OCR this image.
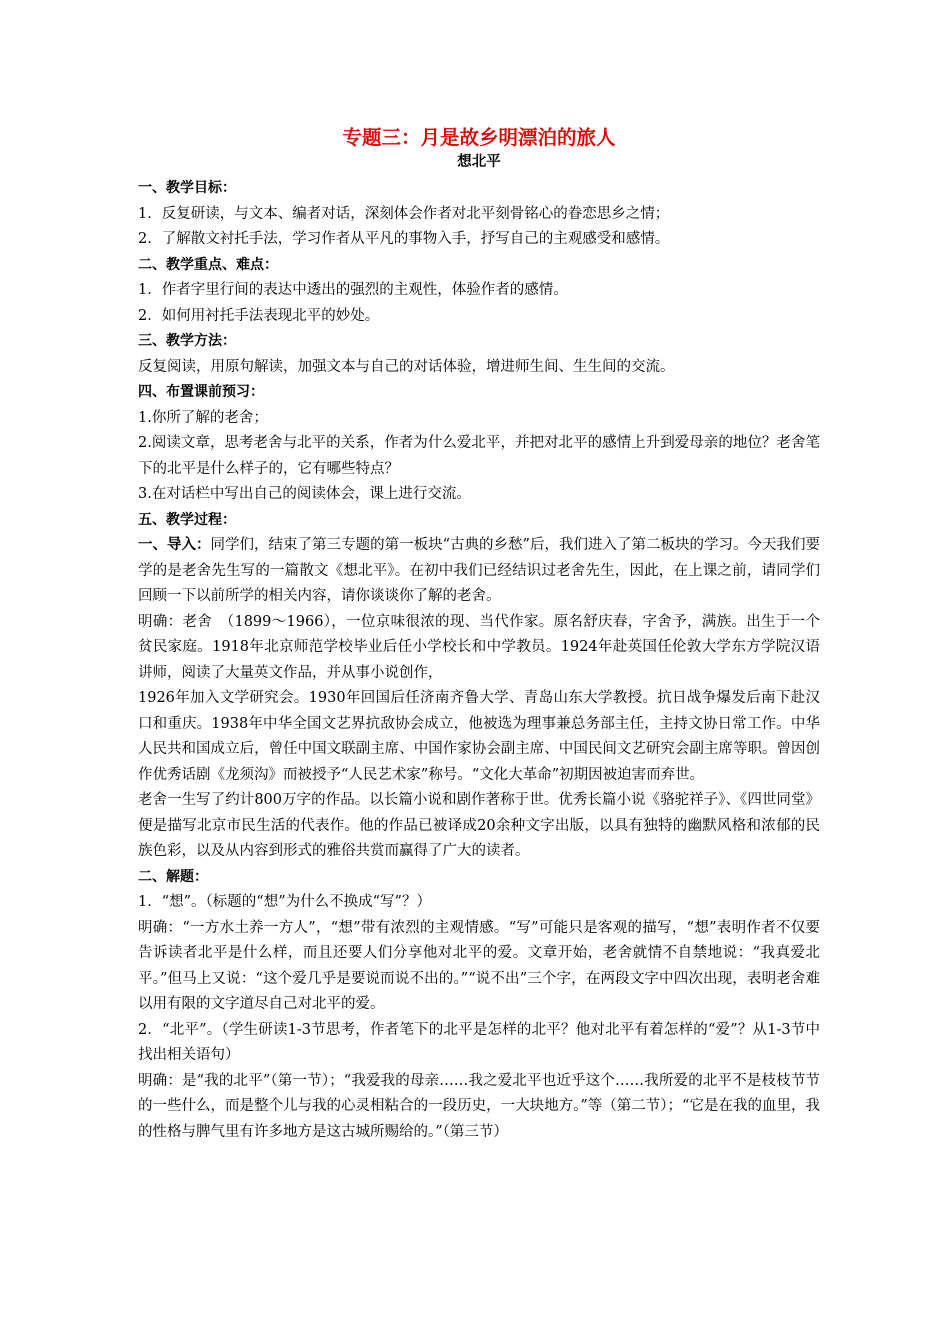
专题三：月是故乡明漂泊的旅人
想北平
一、教学目标：
1．反复研读，与文本、编者对话，深刻体会作者对北平刻骨铭心的眷恋思乡之情；
2．了解散文衬托手法，学习作者从平凡的事物入手，抒写自己的主观感受和感情。
二、教学重点、难点：
1．作者字里行间的表达中透出的强烈的主观性，体验作者的感情。
2．如何用衬托手法表现北平的妙处。
三、教学方法：
反复阅读，用原句解读，加强文本与自己的对话体验，增进师生间、生生间的交流。
四、布置课前预习：
1.你所了解的老舍；
2.阅读文章，思考老舍与北平的关系，作者为什么爱北平，并把对北平的感情上升到爱母亲的地位？老舍笔下的北平是什么样子的，它有哪些特点？
3.在对话栏中写出自己的阅读体会，课上进行交流。
五、教学过程：
一、导入：同学们，结束了第三专题的第一板块“古典的乡愁”后，我们进入了第二板块的学习。今天我们要学的是老舍先生写的一篇散文《想北平》。在初中我们已经结识过老舍先生，因此，在上课之前，请同学们回顾一下以前所学的相关内容，请你谈谈你了解的老舍。
明确：老舍　（1899～1966），一位京味很浓的现、当代作家。原名舒庆春，字舍予，满族。出生于一个贫民家庭。1918年北京师范学校毕业后任小学校长和中学教员。1924年赴英国任伦敦大学东方学院汉语讲师，阅读了大量英文作品，并从事小说创作，
1926年加入文学研究会。1930年回国后任济南齐鲁大学、青岛山东大学教授。抗日战争爆发后南下赴汉口和重庆。1938年中华全国文艺界抗敌协会成立，他被选为理事兼总务部主任，主持文协日常工作。中华人民共和国成立后，曾任中国文联副主席、中国作家协会副主席、中国民间文艺研究会副主席等职。曾因创作优秀话剧《龙须沟》而被授予“人民艺术家”称号。“文化大革命”初期因被迫害而弃世。
老舍一生写了约计800万字的作品。以长篇小说和剧作著称于世。优秀长篇小说《骆驼祥子》、《四世同堂》便是描写北京市民生活的代表作。他的作品已被译成20余种文字出版，以具有独特的幽默风格和浓郁的民族色彩，以及从内容到形式的雅俗共赏而赢得了广大的读者。
二、解题：
1．“想”。（标题的“想”为什么不换成“写”？）
明确：“一方水土养一方人”，“想”带有浓烈的主观情感。“写”可能只是客观的描写，“想”表明作者不仅要告诉读者北平是什么样，而且还要人们分享他对北平的爱。文章开始，老舍就情不自禁地说：“我真爱北平。”但马上又说：“这个爱几乎是要说而说不出的。”“说不出”三个字，在两段文字中四次出现，表明老舍难以用有限的文字道尽自己对北平的爱。
2．“北平”。（学生研读1-3节思考，作者笔下的北平是怎样的北平？他对北平有着怎样的“爱”？从1-3节中找出相关语句）
明确：是“我的北平”（第一节）；“我爱我的母亲……我之爱北平也近乎这个……我所爱的北平不是枝枝节节的一些什么，而是整个儿与我的心灵相粘合的一段历史，一大块地方。”等（第二节）；“它是在我的血里，我的性格与脾气里有许多地方是这古城所赐给的。”（第三节）
